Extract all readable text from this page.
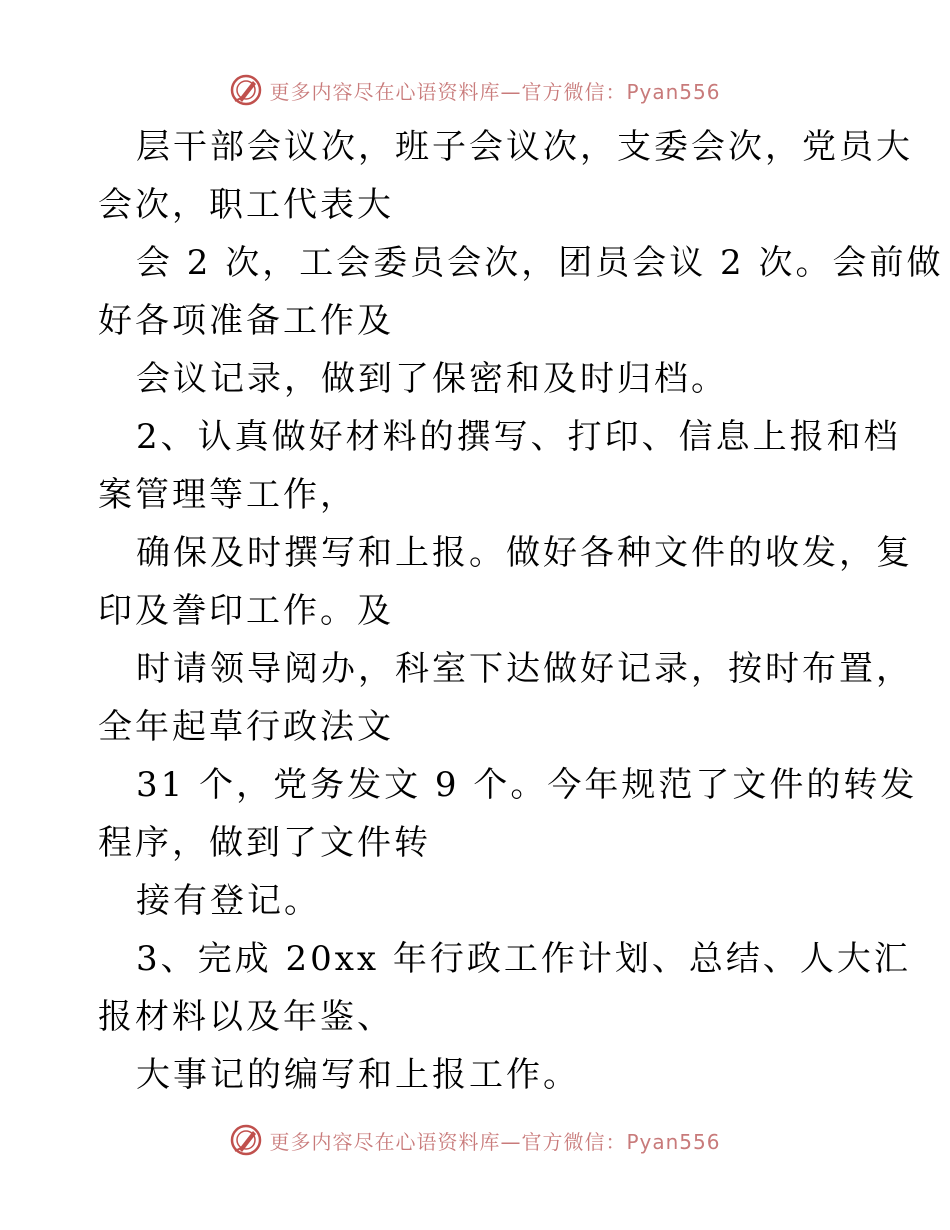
更多内容尽在心语资料库—官方微信：Pyan556
层干部会议次，班子会议次，支委会次，党员大
会次，职工代表大
会 2 次，工会委员会次，团员会议 2 次。会前做
好各项准备工作及
会议记录，做到了保密和及时归档。
2、认真做好材料的撰写、打印、信息上报和档
案管理等工作，
确保及时撰写和上报。做好各种文件的收发，复
印及誊印工作。及
时请领导阅办，科室下达做好记录，按时布置，
全年起草行政法文
31 个，党务发文 9 个。今年规范了文件的转发
程序，做到了文件转
接有登记。
3、完成 20xx 年行政工作计划、总结、人大汇
报材料以及年鉴、
大事记的编写和上报工作。
更多内容尽在心语资料库—官方微信：Pyan556
